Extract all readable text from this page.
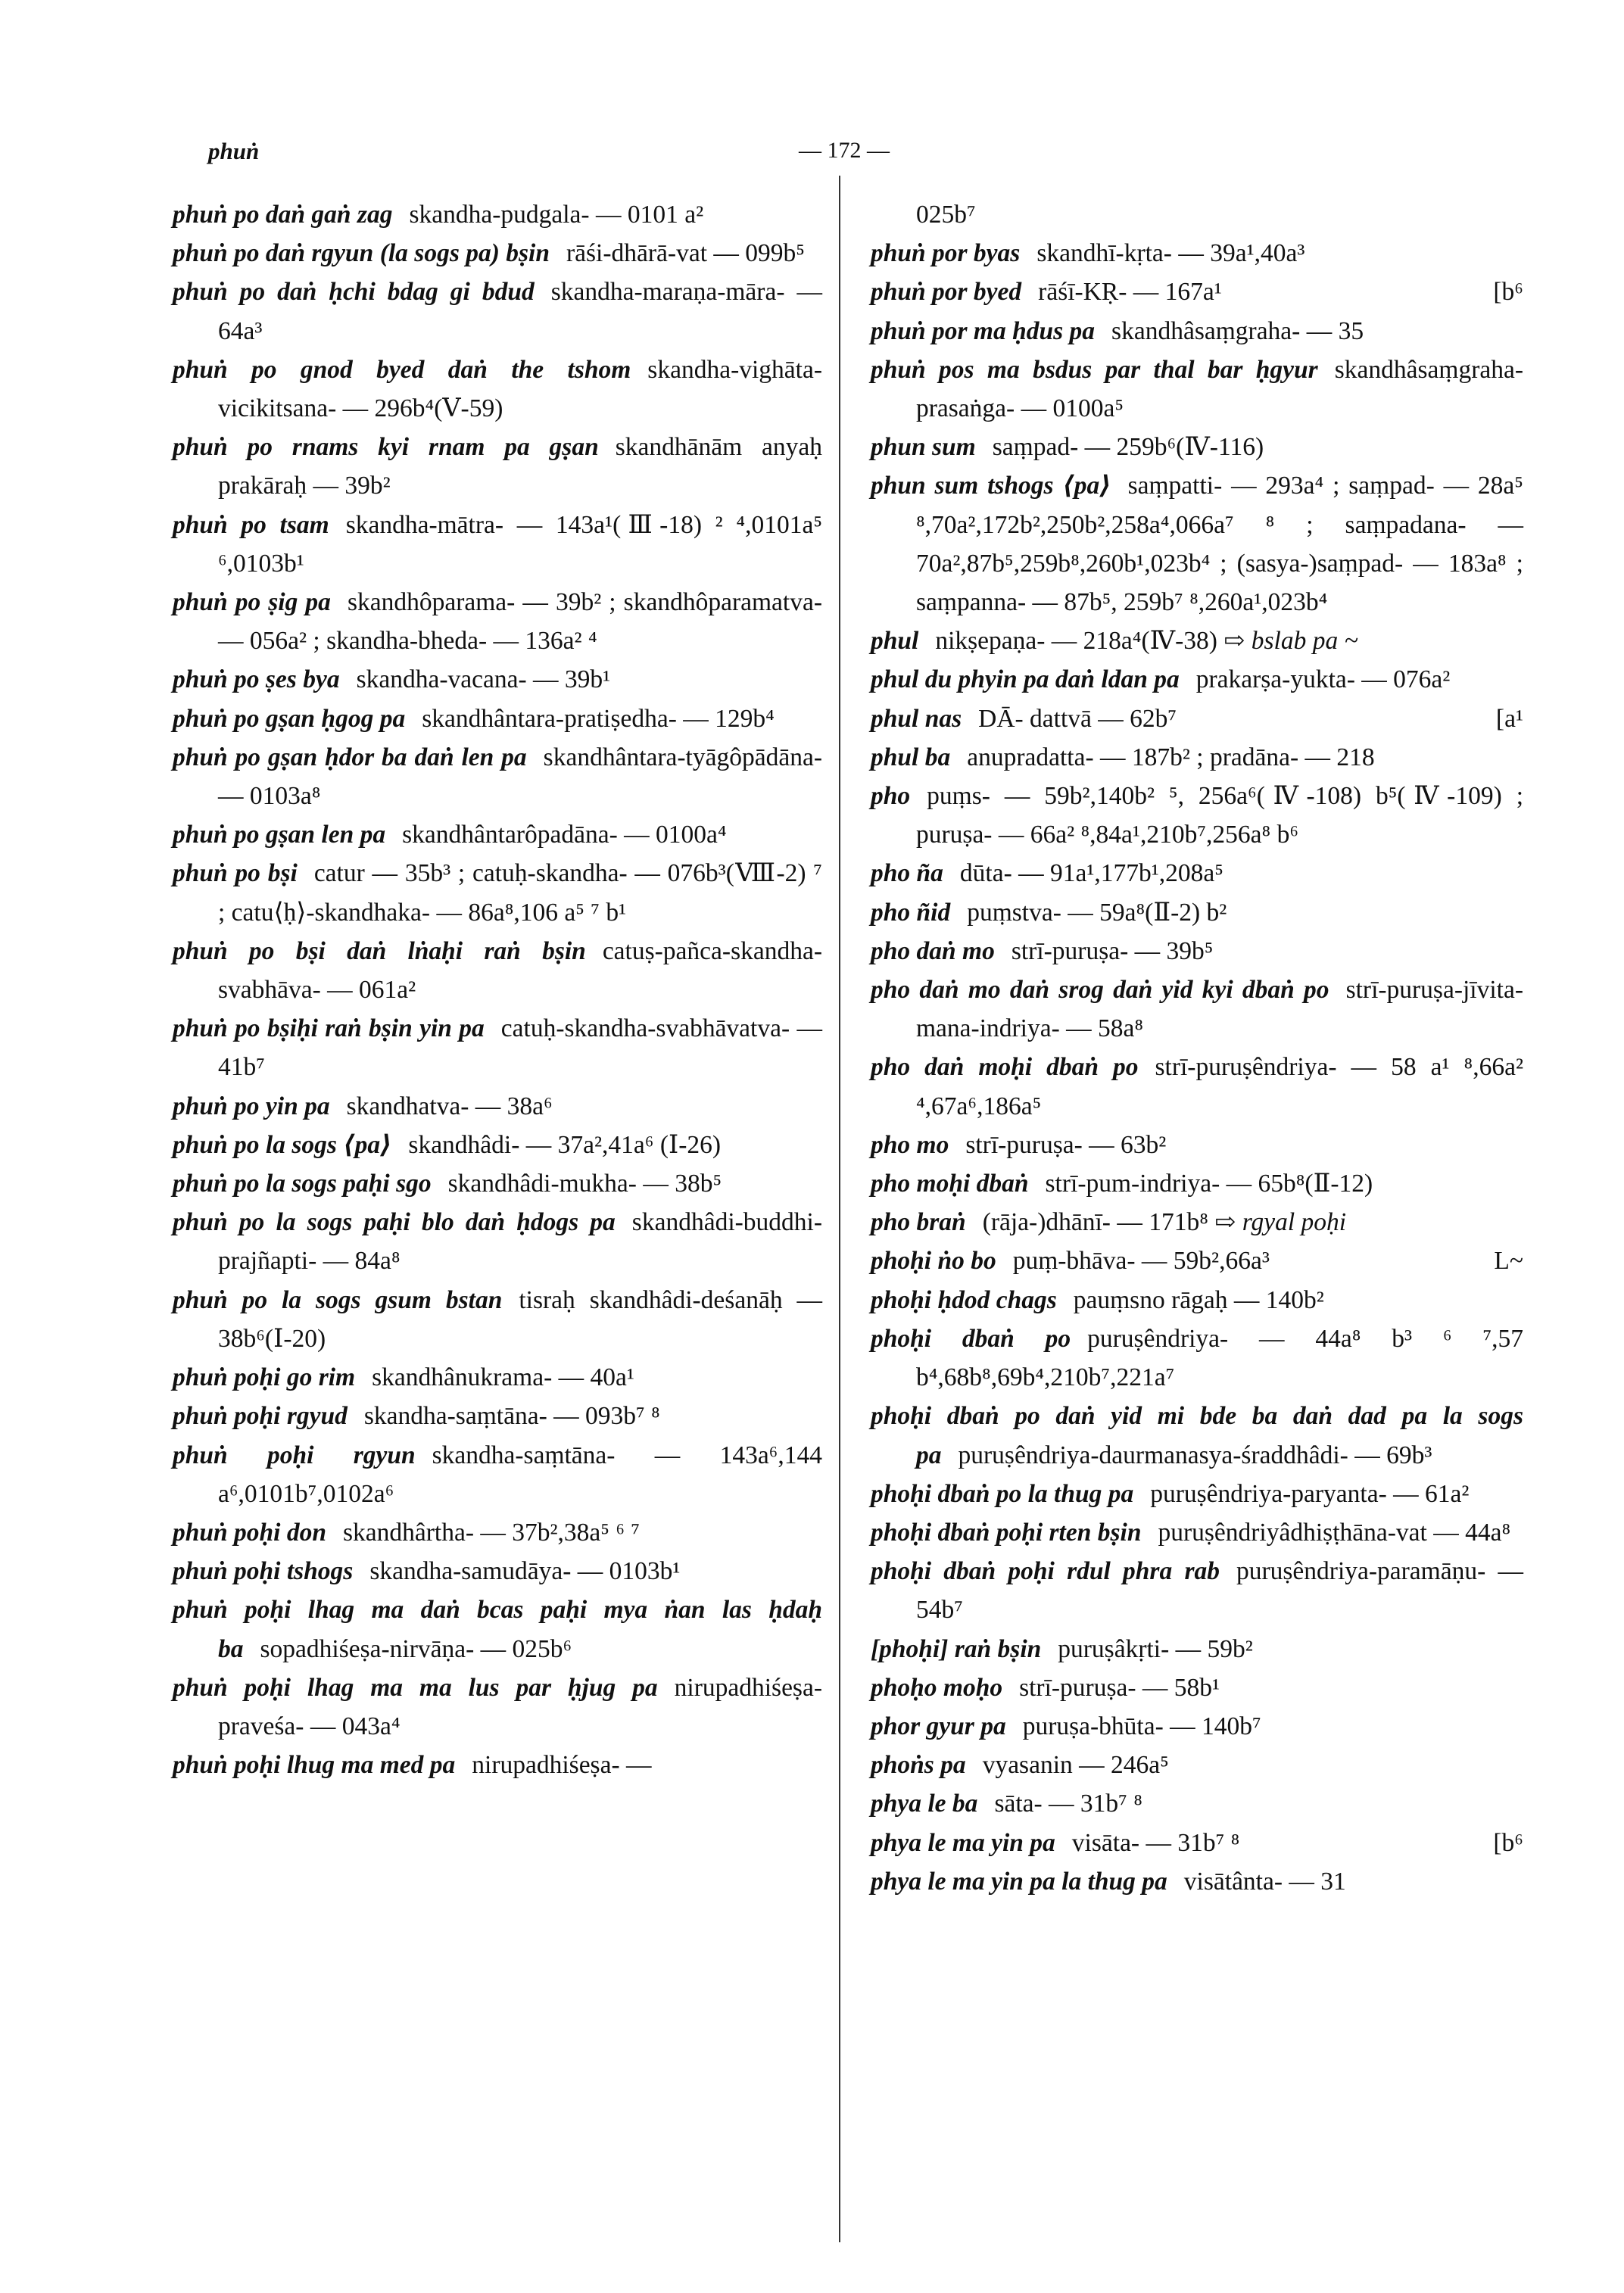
phuṅ	— 172 —
phuṅ po daṅ gaṅ zag skandha-pudgala- — 0101 a²
phuṅ po daṅ rgyun (la sogs pa) bṣin rāśi-dhārā-vat — 099b⁵
phuṅ po daṅ ḥchi bdag gi bdud skandha-maraṇa-māra- — 64a³
phuṅ po gnod byed daṅ the tshom skandha-vighāta-vicikitsana- — 296b⁴(Ⅴ-59)
phuṅ po rnams kyi rnam pa gṣan skandhānām anyaḥ prakāraḥ — 39b²
phuṅ po tsam skandha-mātra- — 143a¹(Ⅲ-18) ² ⁴,0101a⁵ ⁶,0103b¹
phuṅ po ṣig pa skandhôparama- — 39b² ; skandhôparamatva- — 056a² ; skandha-bheda- — 136a² ⁴
phuṅ po ṣes bya skandha-vacana- — 39b¹
phuṅ po gṣan ḥgog pa skandhântara-pratiṣedha- — 129b⁴
phuṅ po gṣan ḥdor ba daṅ len pa skandhântara-tyāgôpādāna- — 0103a⁸
phuṅ po gṣan len pa skandhântarôpadāna- — 0100a⁴
phuṅ po bṣi catur — 35b³ ; catuḥ-skandha- — 076b³(Ⅷ-2) ⁷ ; catu⟨ḥ⟩-skandhaka- — 86a⁸,106 a⁵ ⁷ b¹
phuṅ po bṣi daṅ lṅaḥi raṅ bṣin catuṣ-pañca-skandha-svabhāva- — 061a²
phuṅ po bṣiḥi raṅ bṣin yin pa catuḥ-skandha-svabhāvatva- — 41b⁷
phuṅ po yin pa skandhatva- — 38a⁶
phuṅ po la sogs ⟨pa⟩ skandhâdi- — 37a²,41a⁶ (Ⅰ-26)
phuṅ po la sogs paḥi sgo skandhâdi-mukha- — 38b⁵
phuṅ po la sogs paḥi blo daṅ ḥdogs pa skandhâdi-buddhi-prajñapti- — 84a⁸
phuṅ po la sogs gsum bstan tisraḥ skandhâdi-deśanāḥ — 38b⁶(Ⅰ-20)
phuṅ poḥi go rim skandhânukrama- — 40a¹
phuṅ poḥi rgyud skandha-saṃtāna- — 093b⁷ ⁸
phuṅ poḥi rgyun skandha-saṃtāna- — 143a⁶,144 a⁶,0101b⁷,0102a⁶
phuṅ poḥi don skandhârtha- — 37b²,38a⁵ ⁶ ⁷
phuṅ poḥi tshogs skandha-samudāya- — 0103b¹
phuṅ poḥi lhag ma daṅ bcas paḥi mya ṅan las ḥdaḥ ba sopadhiśeṣa-nirvāṇa- — 025b⁶
phuṅ poḥi lhag ma ma lus par ḥjug pa nirupadhiśeṣa-praveśa- — 043a⁴
phuṅ poḥi lhug ma med pa nirupadhiśeṣa- —
025b⁷
phuṅ por byas skandhī-kṛta- — 39a¹,40a³
[b⁶
phuṅ por byed rāśī-KṚ- — 167a¹
phuṅ por ma ḥdus pa skandhâsaṃgraha- — 35
phuṅ pos ma bsdus par thal bar ḥgyur skandhâsaṃgraha-prasaṅga- — 0100a⁵
phun sum saṃpad- — 259b⁶(Ⅳ-116)
phun sum tshogs ⟨pa⟩ saṃpatti- — 293a⁴ ; saṃpad- — 28a⁵ ⁸,70a²,172b²,250b²,258a⁴,066a⁷ ⁸ ; saṃpadana- — 70a²,87b⁵,259b⁸,260b¹,023b⁴ ; (sasya-)saṃpad- — 183a⁸ ; saṃpanna- — 87b⁵, 259b⁷ ⁸,260a¹,023b⁴
phul nikṣepaṇa- — 218a⁴(Ⅳ-38) ⇨ bslab pa ~
phul du phyin pa daṅ ldan pa prakarṣa-yukta- — 076a²
[a¹
phul nas DĀ- dattvā — 62b⁷
phul ba anupradatta- — 187b² ; pradāna- — 218
pho puṃs- — 59b²,140b² ⁵, 256a⁶(Ⅳ-108) b⁵(Ⅳ-109) ; puruṣa- — 66a² ⁸,84a¹,210b⁷,256a⁸ b⁶
pho ña dūta- — 91a¹,177b¹,208a⁵
pho ñid puṃstva- — 59a⁸(Ⅱ-2) b²
pho daṅ mo strī-puruṣa- — 39b⁵
pho daṅ mo daṅ srog daṅ yid kyi dbaṅ po strī-puruṣa-jīvita-mana-indriya- — 58a⁸
pho daṅ moḥi dbaṅ po strī-puruṣêndriya- — 58 a¹ ⁸,66a² ⁴,67a⁶,186a⁵
pho mo strī-puruṣa- — 63b²
pho moḥi dbaṅ strī-pum-indriya- — 65b⁸(Ⅱ-12)
pho braṅ (rāja-)dhānī- — 171b⁸ ⇨ rgyal poḥi
L~
phoḥi ṅo bo puṃ-bhāva- — 59b²,66a³
phoḥi ḥdod chags pauṃsno rāgaḥ — 140b²
phoḥi dbaṅ po puruṣêndriya- — 44a⁸ b³ ⁶ ⁷,57 b⁴,68b⁸,69b⁴,210b⁷,221a⁷
phoḥi dbaṅ po daṅ yid mi bde ba daṅ dad pa la sogs pa puruṣêndriya-daurmanasya-śraddhâdi- — 69b³
phoḥi dbaṅ po la thug pa puruṣêndriya-paryanta- — 61a²
phoḥi dbaṅ poḥi rten bṣin puruṣêndriyâdhiṣṭhāna-vat — 44a⁸
phoḥi dbaṅ poḥi rdul phra rab puruṣêndriya-paramāṇu- — 54b⁷
[phoḥi] raṅ bṣin puruṣâkṛti- — 59b²
phoḥo moḥo strī-puruṣa- — 58b¹
phor gyur pa puruṣa-bhūta- — 140b⁷
phoṅs pa vyasanin — 246a⁵
phya le ba sāta- — 31b⁷ ⁸
[b⁶
phya le ma yin pa visāta- — 31b⁷ ⁸
phya le ma yin pa la thug pa visātânta- — 31
